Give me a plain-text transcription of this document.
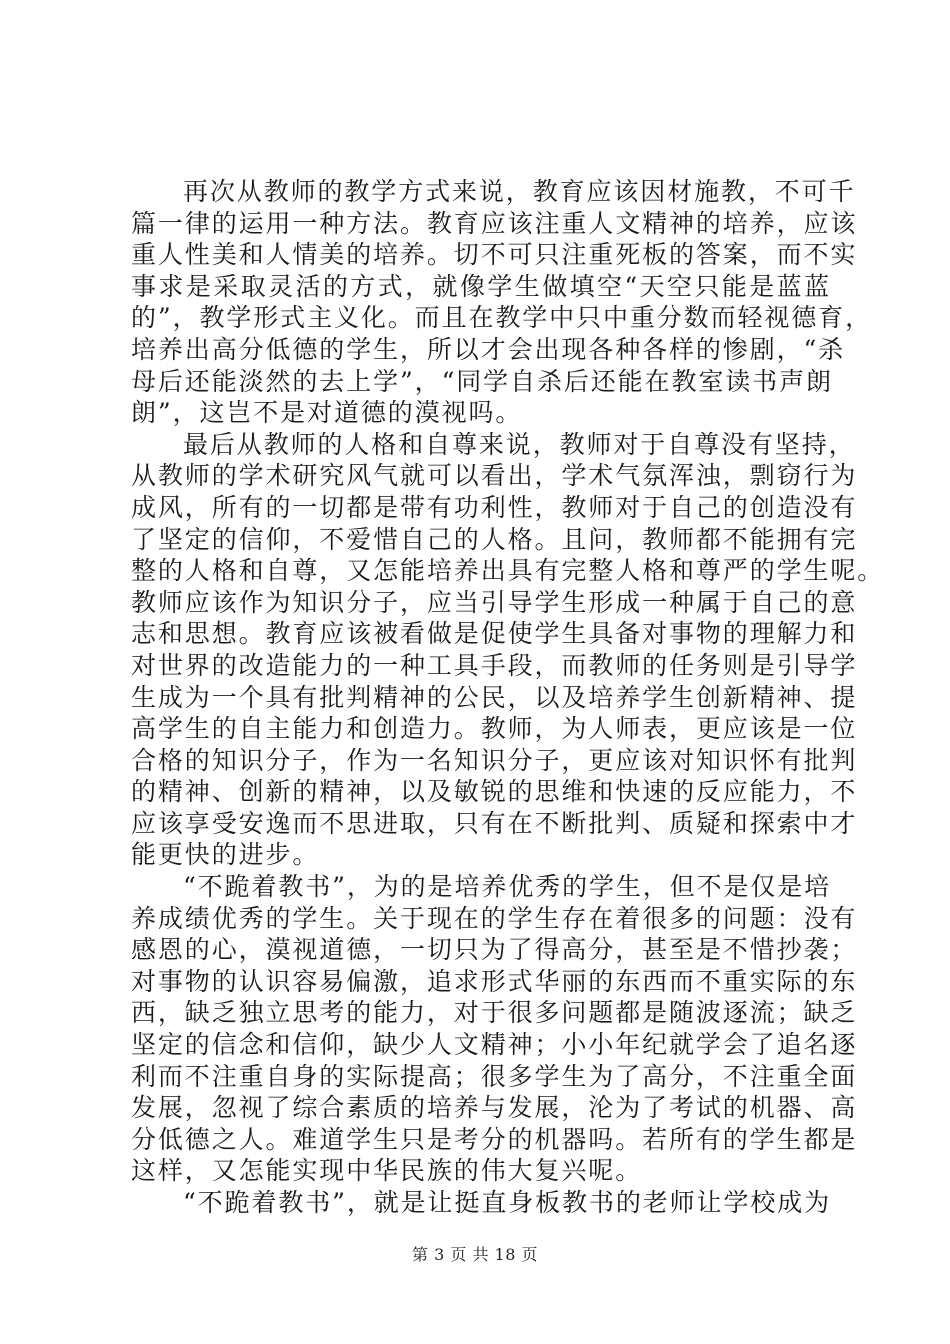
再次从教师的教学方式来说，教育应该因材施教，不可千
篇一律的运用一种方法。教育应该注重人文精神的培养，应该
重人性美和人情美的培养。切不可只注重死板的答案，而不实
事求是采取灵活的方式，就像学生做填空“天空只能是蓝蓝
的”，教学形式主义化。而且在教学中只中重分数而轻视德育，
培养出高分低德的学生，所以才会出现各种各样的惨剧，“杀
母后还能淡然的去上学”，“同学自杀后还能在教室读书声朗
朗”，这岂不是对道德的漠视吗。
最后从教师的人格和自尊来说，教师对于自尊没有坚持，
从教师的学术研究风气就可以看出，学术气氛浑浊，剽窃行为
成风，所有的一切都是带有功利性，教师对于自己的创造没有
了坚定的信仰，不爱惜自己的人格。且问，教师都不能拥有完
整的人格和自尊，又怎能培养出具有完整人格和尊严的学生呢。
教师应该作为知识分子，应当引导学生形成一种属于自己的意
志和思想。教育应该被看做是促使学生具备对事物的理解力和
对世界的改造能力的一种工具手段，而教师的任务则是引导学
生成为一个具有批判精神的公民，以及培养学生创新精神、提
高学生的自主能力和创造力。教师，为人师表，更应该是一位
合格的知识分子，作为一名知识分子，更应该对知识怀有批判
的精神、创新的精神，以及敏锐的思维和快速的反应能力，不
应该享受安逸而不思进取，只有在不断批判、质疑和探索中才
能更快的进步。
“不跪着教书”，为的是培养优秀的学生，但不是仅是培
养成绩优秀的学生。关于现在的学生存在着很多的问题：没有
感恩的心，漠视道德，一切只为了得高分，甚至是不惜抄袭；
对事物的认识容易偏激，追求形式华丽的东西而不重实际的东
西，缺乏独立思考的能力，对于很多问题都是随波逐流；缺乏
坚定的信念和信仰，缺少人文精神；小小年纪就学会了追名逐
利而不注重自身的实际提高；很多学生为了高分，不注重全面
发展，忽视了综合素质的培养与发展，沦为了考试的机器、高
分低德之人。难道学生只是考分的机器吗。若所有的学生都是
这样，又怎能实现中华民族的伟大复兴呢。
“不跪着教书”，就是让挺直身板教书的老师让学校成为
第 3 页 共 18 页
